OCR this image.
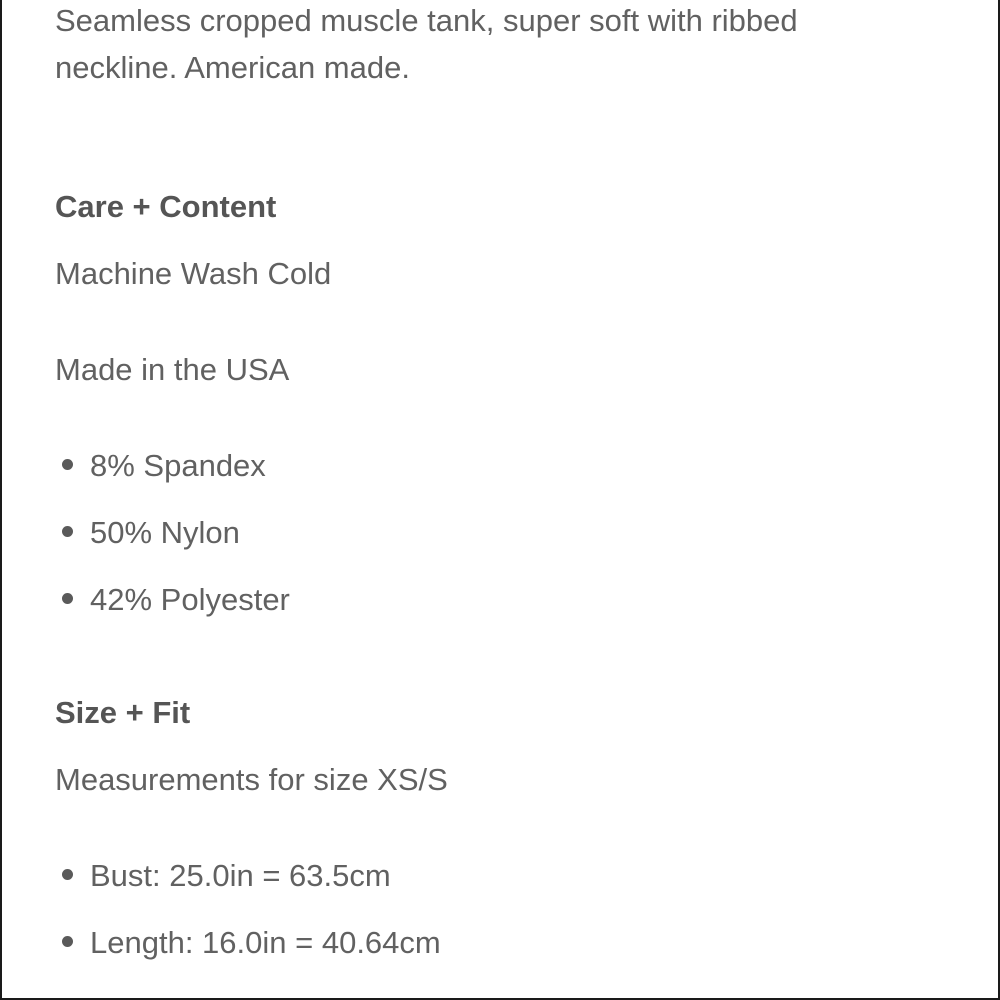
Seamless cropped muscle tank, super soft with ribbed
neckline. American made.

Care + Content

Machine Wash Cold

Made in the USA

8% Spandex
50% Nylon
42% Polyester
Size + Fit

Measurements for size XS/S

Bust: 25.0in = 63.5cm
Length: 16.0in = 40.64cm
